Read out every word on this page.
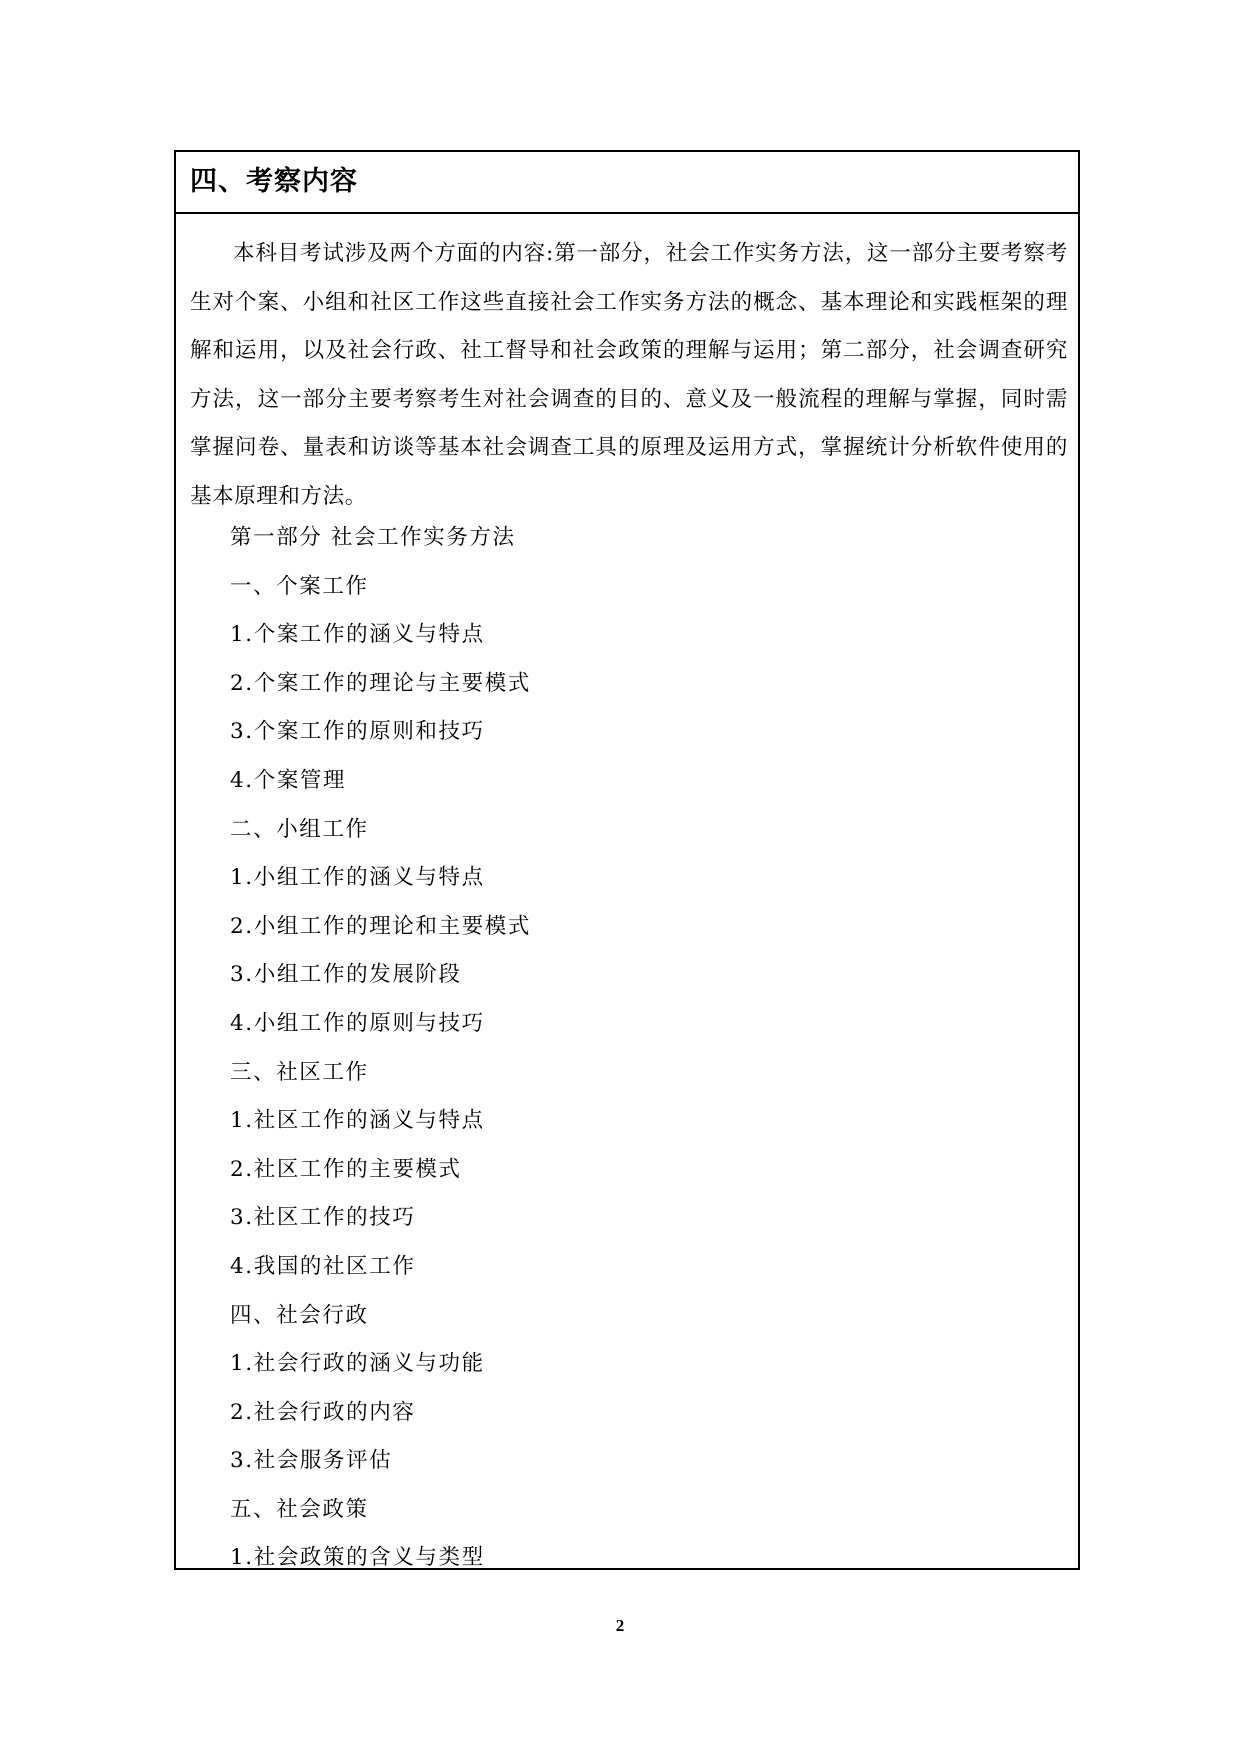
四、考察内容

本科目考试涉及两个方面的内容:第一部分，社会工作实务方法，这一部分主要考察考生对个案、小组和社区工作这些直接社会工作实务方法的概念、基本理论和实践框架的理解和运用，以及社会行政、社工督导和社会政策的理解与运用；第二部分，社会调查研究方法，这一部分主要考察考生对社会调查的目的、意义及一般流程的理解与掌握，同时需掌握问卷、量表和访谈等基本社会调查工具的原理及运用方式，掌握统计分析软件使用的基本原理和方法。

第一部分 社会工作实务方法
一、个案工作
1.个案工作的涵义与特点
2.个案工作的理论与主要模式
3.个案工作的原则和技巧
4.个案管理
二、小组工作
1.小组工作的涵义与特点
2.小组工作的理论和主要模式
3.小组工作的发展阶段
4.小组工作的原则与技巧
三、社区工作
1.社区工作的涵义与特点
2.社区工作的主要模式
3.社区工作的技巧
4.我国的社区工作
四、社会行政
1.社会行政的涵义与功能
2.社会行政的内容
3.社会服务评估
五、社会政策
1.社会政策的含义与类型
2
